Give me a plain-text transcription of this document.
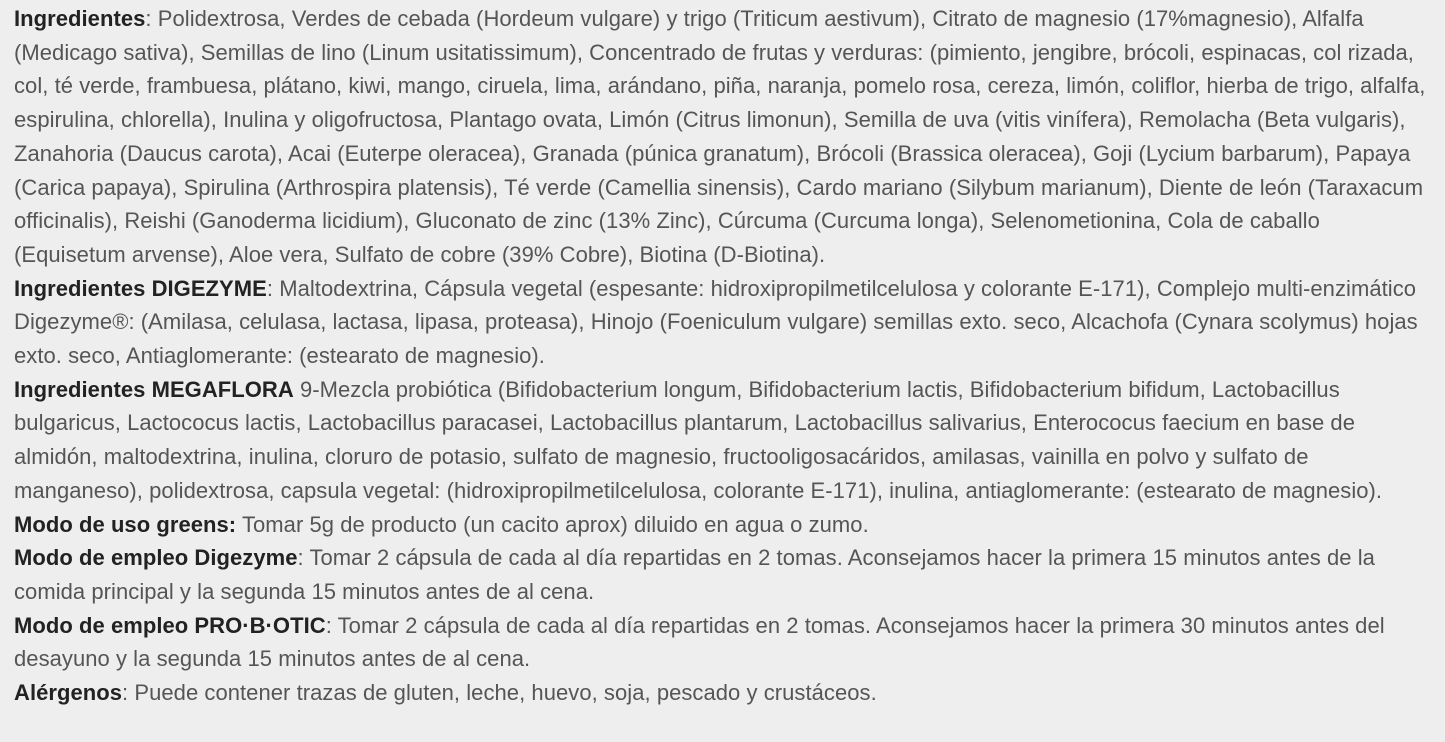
Ingredientes: Polidextrosa, Verdes de cebada (Hordeum vulgare) y trigo (Triticum aestivum), Citrato de magnesio (17%magnesio), Alfalfa (Medicago sativa), Semillas de lino (Linum usitatissimum), Concentrado de frutas y verduras: (pimiento, jengibre, brócoli, espinacas, col rizada, col, té verde, frambuesa, plátano, kiwi, mango, ciruela, lima, arándano, piña, naranja, pomelo rosa, cereza, limón, coliflor, hierba de trigo, alfalfa, espirulina, chlorella), Inulina y oligofructosa, Plantago ovata, Limón (Citrus limonun), Semilla de uva (vitis vinífera), Remolacha (Beta vulgaris), Zanahoria (Daucus carota), Acai (Euterpe oleracea), Granada (púnica granatum), Brócoli (Brassica oleracea), Goji (Lycium barbarum), Papaya (Carica papaya), Spirulina (Arthrospira platensis), Té verde (Camellia sinensis), Cardo mariano (Silybum marianum), Diente de león (Taraxacum officinalis), Reishi (Ganoderma licidium), Gluconato de zinc (13% Zinc), Cúrcuma (Curcuma longa), Selenometionina, Cola de caballo (Equisetum arvense), Aloe vera, Sulfato de cobre (39% Cobre), Biotina (D-Biotina).

Ingredientes DIGEZYME: Maltodextrina, Cápsula vegetal (espesante: hidroxipropilmetilcelulosa y colorante E-171), Complejo multi-enzimático Digezyme®: (Amilasa, celulasa, lactasa, lipasa, proteasa), Hinojo (Foeniculum vulgare) semillas exto. seco, Alcachofa (Cynara scolymus) hojas exto. seco, Antiaglomerante: (estearato de magnesio).

Ingredientes MEGAFLORA 9-Mezcla probiótica (Bifidobacterium longum, Bifidobacterium lactis, Bifidobacterium bifidum, Lactobacillus bulgaricus, Lactococus lactis, Lactobacillus paracasei, Lactobacillus plantarum, Lactobacillus salivarius, Enterococus faecium en base de almidón, maltodextrina, inulina, cloruro de potasio, sulfato de magnesio, fructooligosacáridos, amilasas, vainilla en polvo y sulfato de manganeso), polidextrosa, capsula vegetal: (hidroxipropilmetilcelulosa, colorante E-171), inulina, antiaglomerante: (estearato de magnesio).

Modo de uso greens: Tomar 5g de producto (un cacito aprox) diluido en agua o zumo.

Modo de empleo Digezyme: Tomar 2 cápsula de cada al día repartidas en 2 tomas. Aconsejamos hacer la primera 15 minutos antes de la comida principal y la segunda 15 minutos antes de al cena.

Modo de empleo PRO·B·OTIC: Tomar 2 cápsula de cada al día repartidas en 2 tomas. Aconsejamos hacer la primera 30 minutos antes del desayuno y la segunda 15 minutos antes de al cena.

Alérgenos: Puede contener trazas de gluten, leche, huevo, soja, pescado y crustáceos.
